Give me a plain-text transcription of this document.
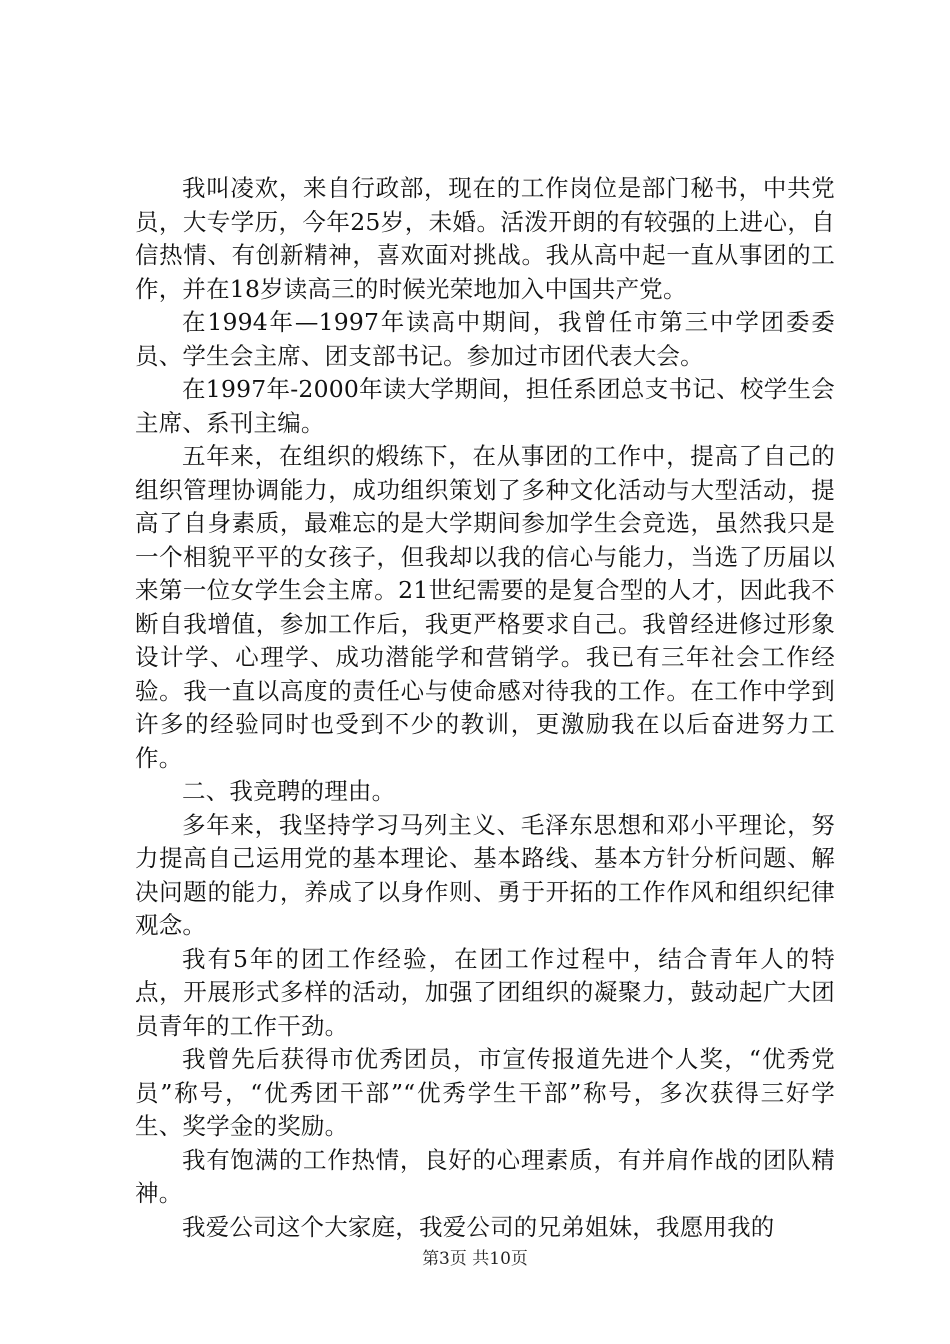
我叫凌欢，来自行政部，现在的工作岗位是部门秘书，中共党员，大专学历，今年25岁，未婚。活泼开朗的有较强的上进心，自信热情、有创新精神，喜欢面对挑战。我从高中起一直从事团的工作，并在18岁读高三的时候光荣地加入中国共产党。

在1994年—1997年读高中期间，我曾任市第三中学团委委员、学生会主席、团支部书记。参加过市团代表大会。

在1997年-2000年读大学期间，担任系团总支书记、校学生会主席、系刊主编。

五年来，在组织的煅练下，在从事团的工作中，提高了自己的组织管理协调能力，成功组织策划了多种文化活动与大型活动，提高了自身素质，最难忘的是大学期间参加学生会竞选，虽然我只是一个相貌平平的女孩子，但我却以我的信心与能力，当选了历届以来第一位女学生会主席。21世纪需要的是复合型的人才，因此我不断自我增值，参加工作后，我更严格要求自己。我曾经进修过形象设计学、心理学、成功潜能学和营销学。我已有三年社会工作经验。我一直以高度的责任心与使命感对待我的工作。在工作中学到许多的经验同时也受到不少的教训，更激励我在以后奋进努力工作。

二、我竞聘的理由。

多年来，我坚持学习马列主义、毛泽东思想和邓小平理论，努力提高自己运用党的基本理论、基本路线、基本方针分析问题、解决问题的能力，养成了以身作则、勇于开拓的工作作风和组织纪律观念。

我有5年的团工作经验，在团工作过程中，结合青年人的特点，开展形式多样的活动，加强了团组织的凝聚力，鼓动起广大团员青年的工作干劲。

我曾先后获得市优秀团员，市宣传报道先进个人奖，“优秀党员”称号，“优秀团干部”“优秀学生干部”称号，多次获得三好学生、奖学金的奖励。

我有饱满的工作热情，良好的心理素质，有并肩作战的团队精神。

我爱公司这个大家庭，我爱公司的兄弟姐妹，我愿用我的

第3页 共10页
